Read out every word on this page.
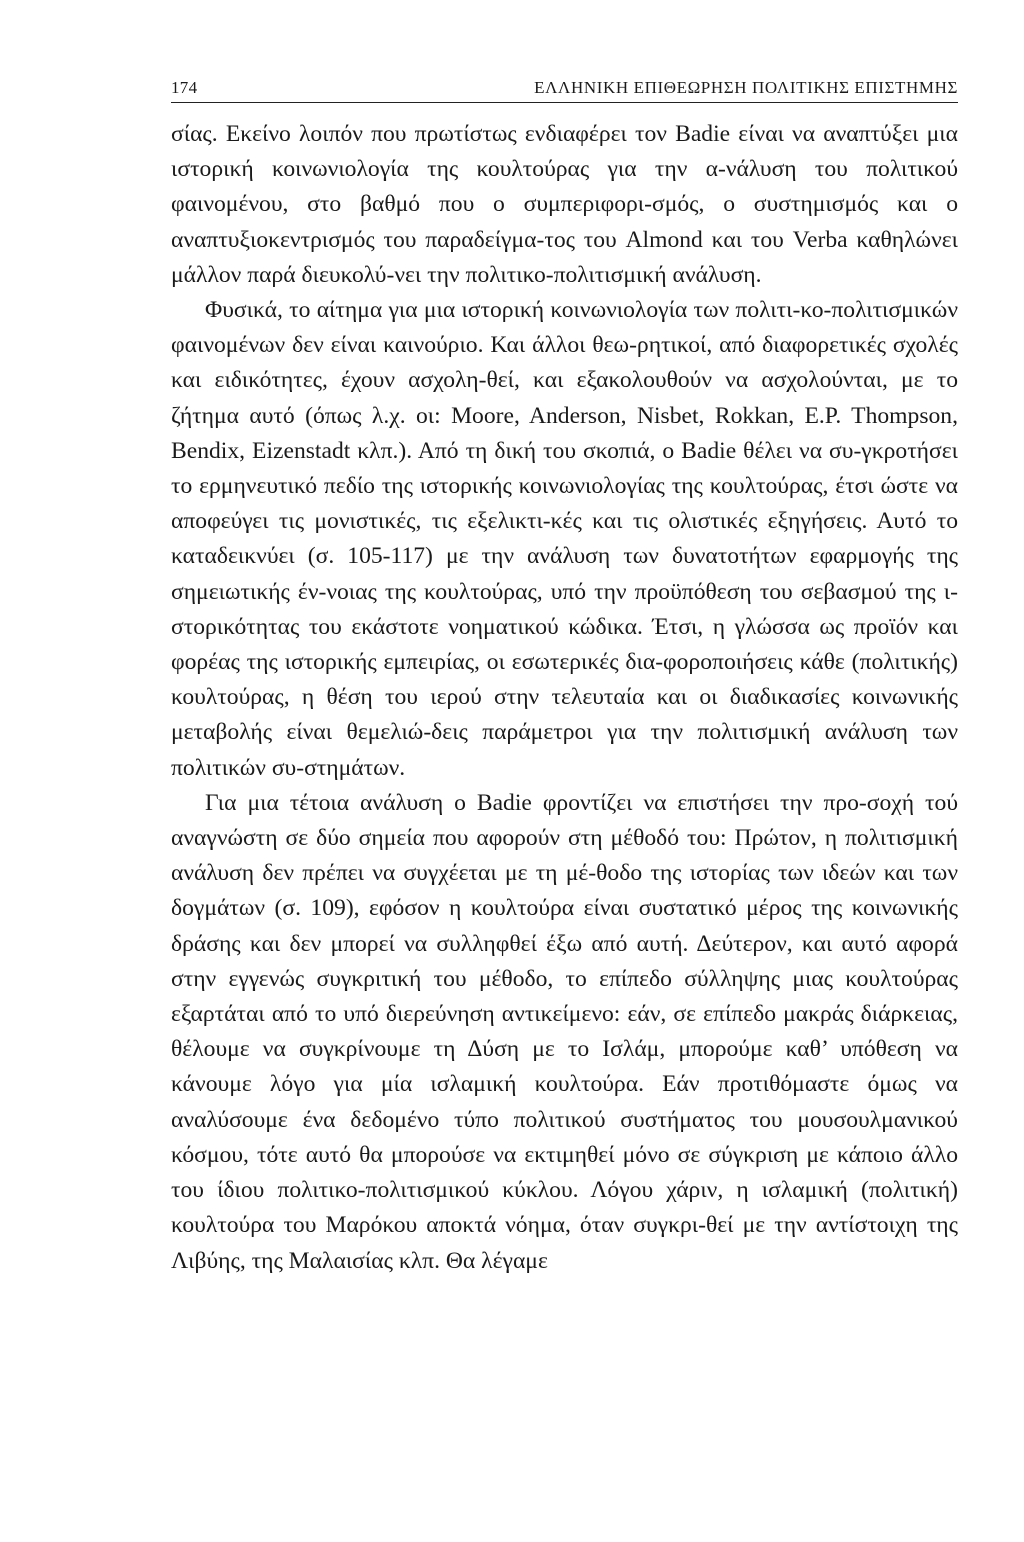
174	ΕΛΛΗΝΙΚΗ ΕΠΙΘΕΩΡΗΣΗ ΠΟΛΙΤΙΚΗΣ ΕΠΙΣΤΗΜΗΣ

σίας. Εκείνο λοιπόν που πρωτίστως ενδιαφέρει τον Badie είναι να αναπτύξει μια ιστορική κοινωνιολογία της κουλτούρας για την α-νάλυση του πολιτικού φαινομένου, στο βαθμό που ο συμπεριφορι-σμός, ο συστημισμός και ο αναπτυξιοκεντρισμός του παραδείγμα-τος του Almond και του Verba καθηλώνει μάλλον παρά διευκολύ-νει την πολιτικο-πολιτισμική ανάλυση.

Φυσικά, το αίτημα για μια ιστορική κοινωνιολογία των πολιτι-κο-πολιτισμικών φαινομένων δεν είναι καινούριο. Και άλλοι θεω-ρητικοί, από διαφορετικές σχολές και ειδικότητες, έχουν ασχολη-θεί, και εξακολουθούν να ασχολούνται, με το ζήτημα αυτό (όπως λ.χ. οι: Moore, Anderson, Nisbet, Rokkan, E.P. Thompson, Bendix, Eizenstadt κλπ.). Από τη δική του σκοπιά, ο Badie θέλει να συ-γκροτήσει το ερμηνευτικό πεδίο της ιστορικής κοινωνιολογίας της κουλτούρας, έτσι ώστε να αποφεύγει τις μονιστικές, τις εξελικτι-κές και τις ολιστικές εξηγήσεις. Αυτό το καταδεικνύει (σ. 105-117) με την ανάλυση των δυνατοτήτων εφαρμογής της σημειωτικής έν-νοιας της κουλτούρας, υπό την προϋπόθεση του σεβασμού της ι-στορικότητας του εκάστοτε νοηματικού κώδικα. Έτσι, η γλώσσα ως προϊόν και φορέας της ιστορικής εμπειρίας, οι εσωτερικές δια-φοροποιήσεις κάθε (πολιτικής) κουλτούρας, η θέση του ιερού στην τελευταία και οι διαδικασίες κοινωνικής μεταβολής είναι θεμελιώ-δεις παράμετροι για την πολιτισμική ανάλυση των πολιτικών συ-στημάτων.

Για μια τέτοια ανάλυση ο Badie φροντίζει να επιστήσει την προ-σοχή τού αναγνώστη σε δύο σημεία που αφορούν στη μέθοδό του: Πρώτον, η πολιτισμική ανάλυση δεν πρέπει να συγχέεται με τη μέ-θοδο της ιστορίας των ιδεών και των δογμάτων (σ. 109), εφόσον η κουλτούρα είναι συστατικό μέρος της κοινωνικής δράσης και δεν μπορεί να συλληφθεί έξω από αυτή. Δεύτερον, και αυτό αφορά στην εγγενώς συγκριτική του μέθοδο, το επίπεδο σύλληψης μιας κουλτούρας εξαρτάται από το υπό διερεύνηση αντικείμενο: εάν, σε επίπεδο μακράς διάρκειας, θέλουμε να συγκρίνουμε τη Δύση με το Ισλάμ, μπορούμε καθ’ υπόθεση να κάνουμε λόγο για μία ισλαμική κουλτούρα. Εάν προτιθόμαστε όμως να αναλύσουμε ένα δεδομένο τύπο πολιτικού συστήματος του μουσουλμανικού κόσμου, τότε αυτό θα μπορούσε να εκτιμηθεί μόνο σε σύγκριση με κάποιο άλλο του ίδιου πολιτικο-πολιτισμικού κύκλου. Λόγου χάριν, η ισλαμική (πολιτική) κουλτούρα του Μαρόκου αποκτά νόημα, όταν συγκρι-θεί με την αντίστοιχη της Λιβύης, της Μαλαισίας κλπ. Θα λέγαμε
